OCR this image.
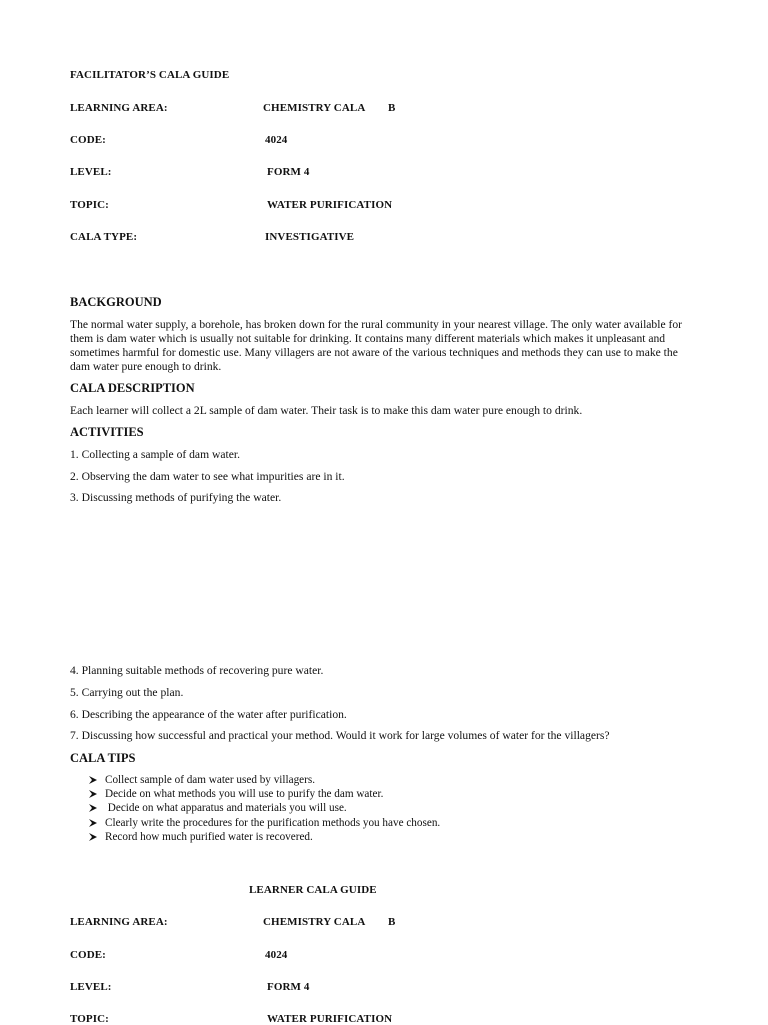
FACILITATOR’S CALA GUIDE
LEARNING AREA:	CHEMISTRY CALA B
CODE:	4024
LEVEL:	FORM 4
TOPIC:	WATER PURIFICATION
CALA TYPE:	INVESTIGATIVE
BACKGROUND
The normal water supply, a borehole, has broken down for the rural community in your nearest village. The only water available for them is dam water which is usually not suitable for drinking. It contains many different materials which makes it unpleasant and sometimes harmful for domestic use. Many villagers are not aware of the various techniques and methods they can use to make the dam water pure enough to drink.
CALA DESCRIPTION
Each learner will collect a 2L sample of dam water. Their task is to make this dam water pure enough to drink.
ACTIVITIES
1. Collecting a sample of dam water.
2. Observing the dam water to see what impurities are in it.
3. Discussing methods of purifying the water.
4. Planning suitable methods of recovering pure water.
5. Carrying out the plan.
6. Describing the appearance of the water after purification.
7. Discussing how successful and practical your method. Would it work for large volumes of water for the villagers?
CALA TIPS
Collect sample of dam water used by villagers.
Decide on what methods you will use to purify the dam water.
Decide on what apparatus and materials you will use.
Clearly write the procedures for the purification methods you have chosen.
Record how much purified water is recovered.
LEARNER CALA GUIDE
LEARNING AREA:	CHEMISTRY CALA B
CODE:	4024
LEVEL:	FORM 4
TOPIC:	WATER PURIFICATION
